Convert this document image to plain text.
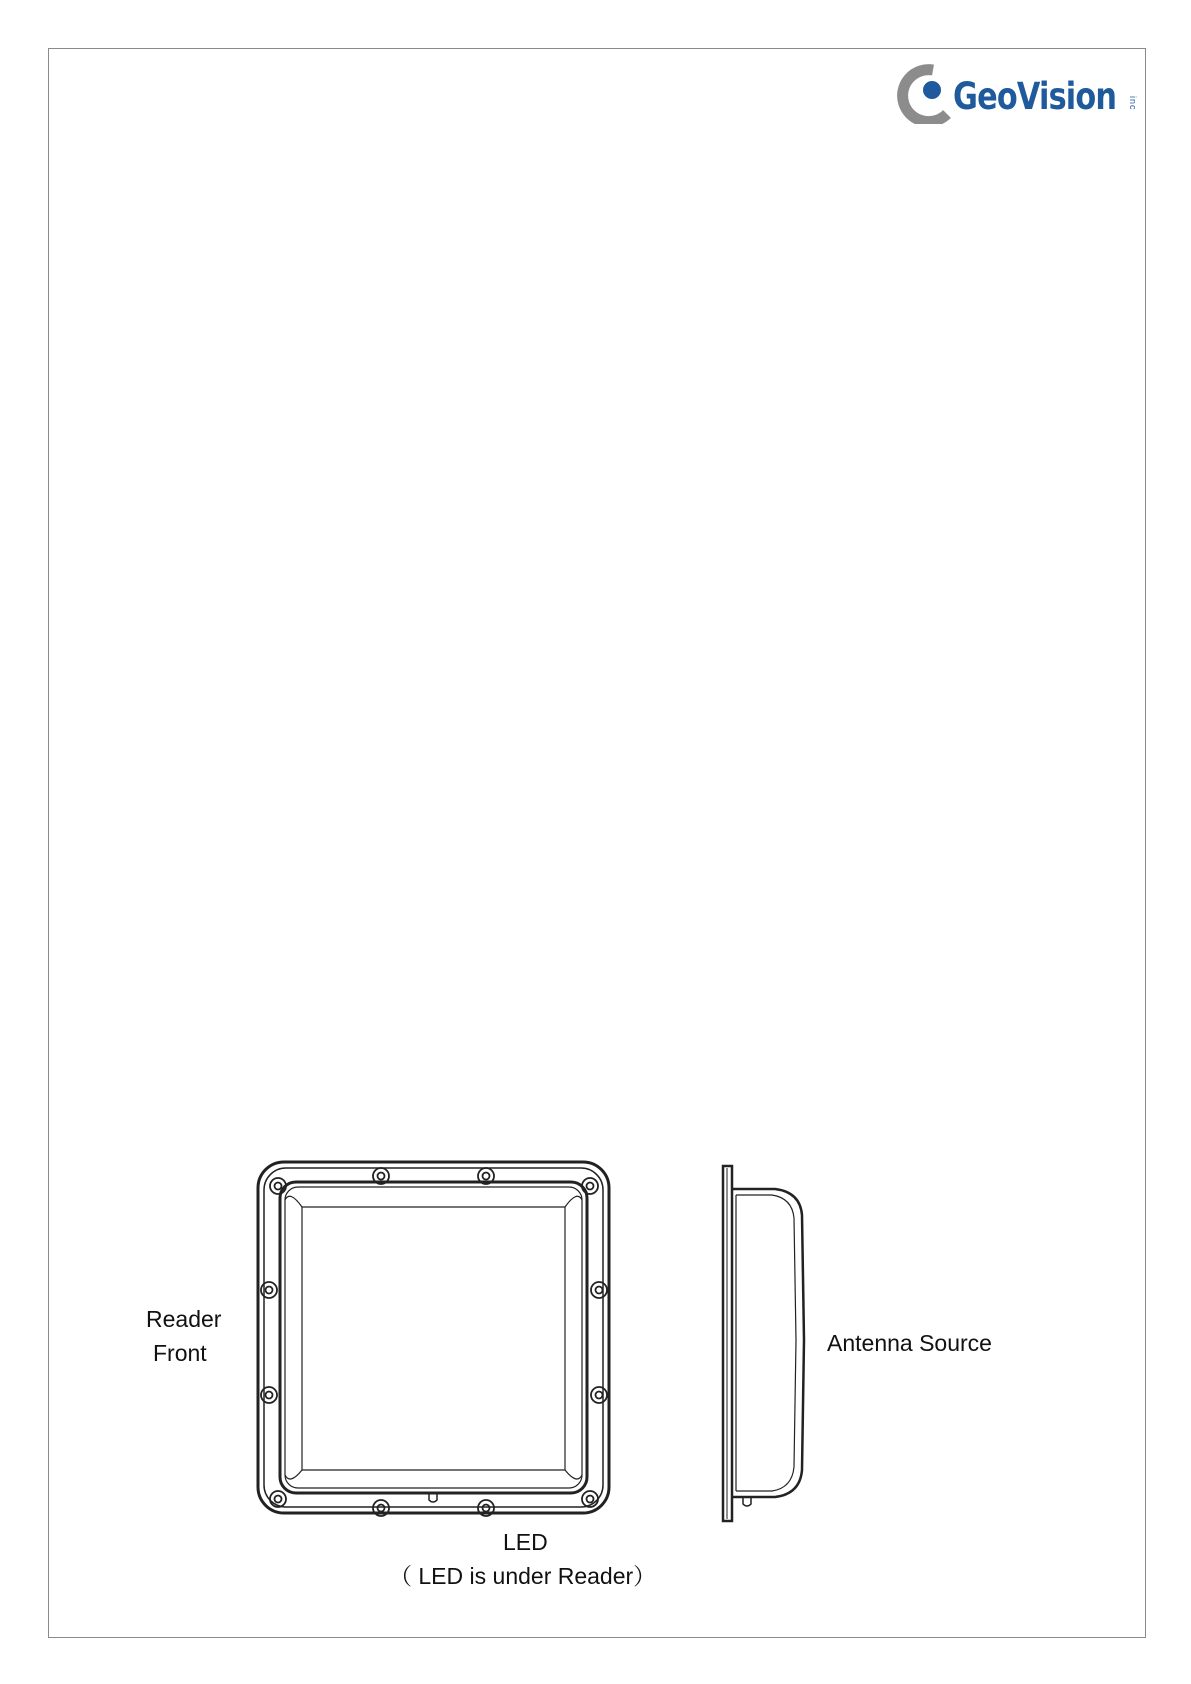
GeoVision inc
Reader
Front	Antenna Source
LED
（ LED is under Reader）
